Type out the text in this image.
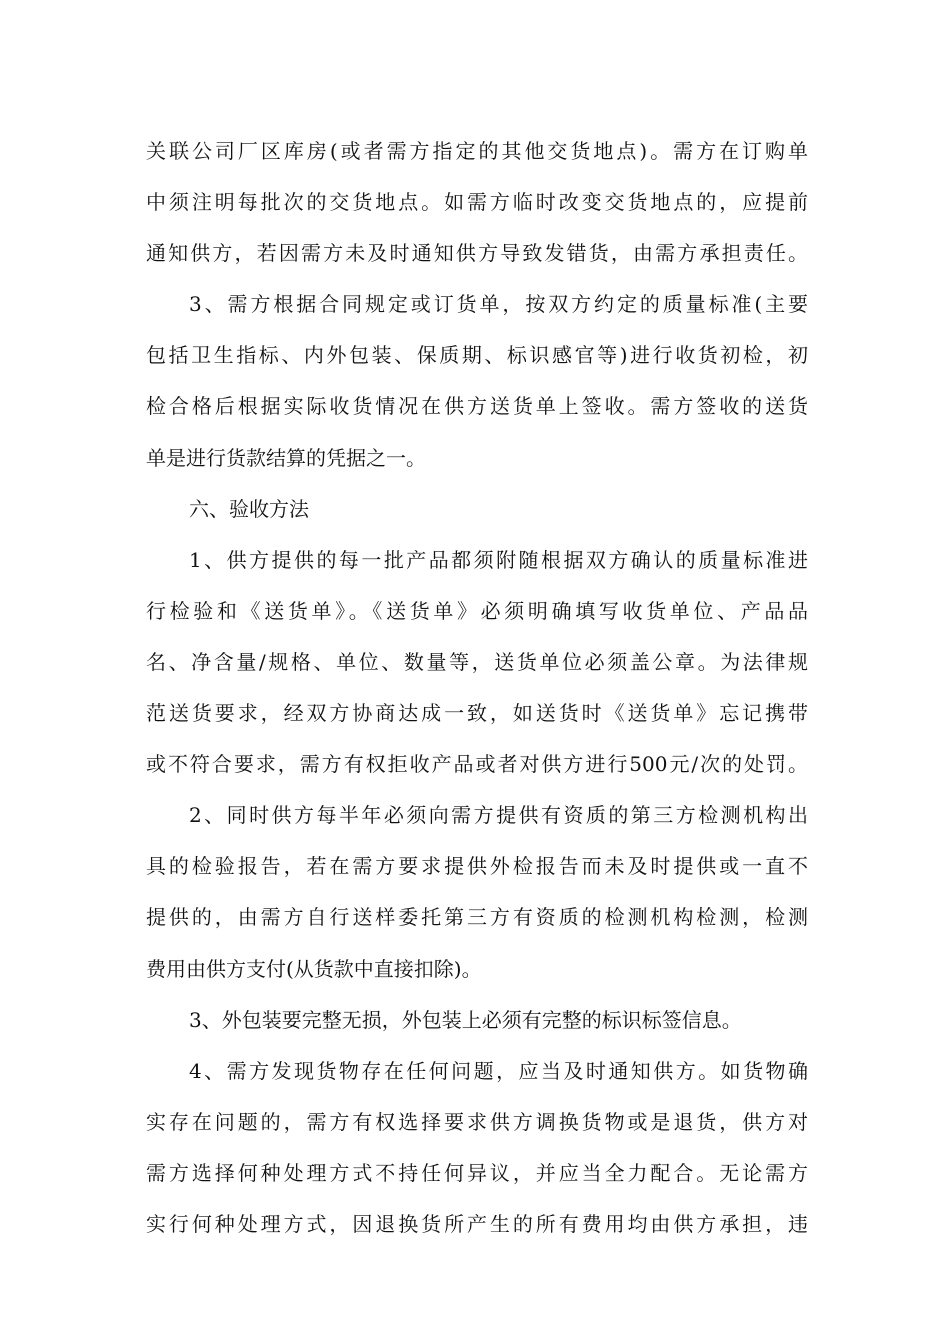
关联公司厂区库房(或者需方指定的其他交货地点)。需方在订购单
中须注明每批次的交货地点。如需方临时改变交货地点的，应提前
通知供方，若因需方未及时通知供方导致发错货，由需方承担责任。
3、需方根据合同规定或订货单，按双方约定的质量标准(主要
包括卫生指标、内外包装、保质期、标识感官等)进行收货初检，初
检合格后根据实际收货情况在供方送货单上签收。需方签收的送货
单是进行货款结算的凭据之一。
六、验收方法
1、供方提供的每一批产品都须附随根据双方确认的质量标准进
行检验和《送货单》。《送货单》必须明确填写收货单位、产品品
名、净含量/规格、单位、数量等，送货单位必须盖公章。为法律规
范送货要求，经双方协商达成一致，如送货时《送货单》忘记携带
或不符合要求，需方有权拒收产品或者对供方进行500元/次的处罚。
2、同时供方每半年必须向需方提供有资质的第三方检测机构出
具的检验报告，若在需方要求提供外检报告而未及时提供或一直不
提供的，由需方自行送样委托第三方有资质的检测机构检测，检测
费用由供方支付(从货款中直接扣除)。
3、外包装要完整无损，外包装上必须有完整的标识标签信息。
4、需方发现货物存在任何问题，应当及时通知供方。如货物确
实存在问题的，需方有权选择要求供方调换货物或是退货，供方对
需方选择何种处理方式不持任何异议，并应当全力配合。无论需方
实行何种处理方式，因退换货所产生的所有费用均由供方承担，违
